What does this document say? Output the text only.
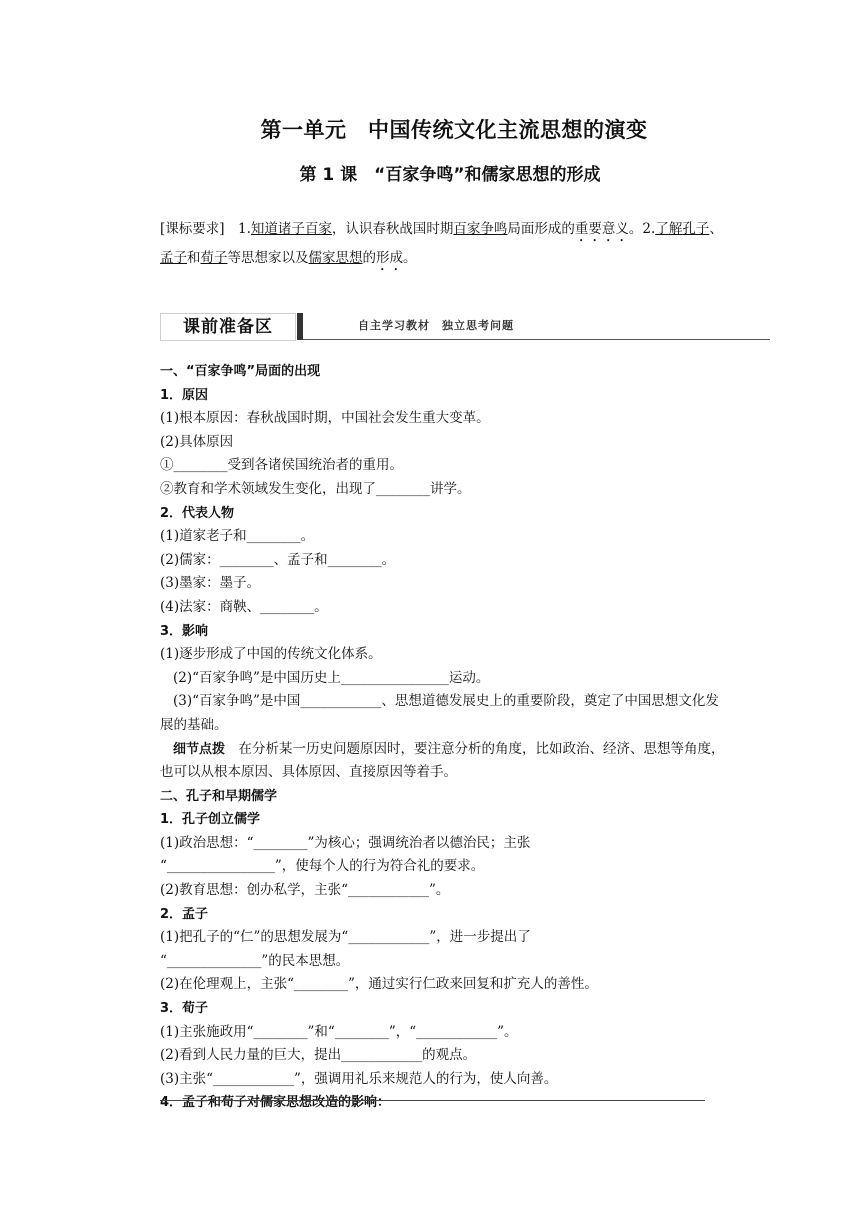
第一单元　中国传统文化主流思想的演变
第 1 课　“百家争鸣”和儒家思想的形成
[课标要求]　1.知道诸子百家，认识春秋战国时期百家争鸣局面形成的重要意义。2.了解孔子、孟子和荀子等思想家以及儒家思想的形成。
课前准备区	自主学习教材　独立思考问题

一、“百家争鸣”局面的出现

1．原因

(1)根本原因：春秋战国时期，中国社会发生重大变革。

(2)具体原因

①________受到各诸侯国统治者的重用。

②教育和学术领域发生变化，出现了________讲学。

2．代表人物

(1)道家老子和________。

(2)儒家：________、孟子和________。

(3)墨家：墨子。

(4)法家：商鞅、________。

3．影响

(1)逐步形成了中国的传统文化体系。

(2)“百家争鸣”是中国历史上________________运动。

(3)“百家争鸣”是中国____________、思想道德发展史上的重要阶段，奠定了中国思想文化发展的基础。

细节点拨　 在分析某一历史问题原因时，要注意分析的角度，比如政治、经济、思想等角度，也可以从根本原因、具体原因、直接原因等着手。

二、孔子和早期儒学

1．孔子创立儒学

(1)政治思想：“________”为核心；强调统治者以德治民；主张

“________________”，使每个人的行为符合礼的要求。

(2)教育思想：创办私学，主张“____________”。

2．孟子

(1)把孔子的“仁”的思想发展为“____________”，进一步提出了

“______________”的民本思想。

(2)在伦理观上，主张“________”，通过实行仁政来回复和扩充人的善性。

3．荀子

(1)主张施政用“________”和“________”，“____________”。

(2)看到人民力量的巨大，提出____________的观点。

(3)主张“____________”，强调用礼乐来规范人的行为，使人向善。

4．孟子和荀子对儒家思想改造的影响：
